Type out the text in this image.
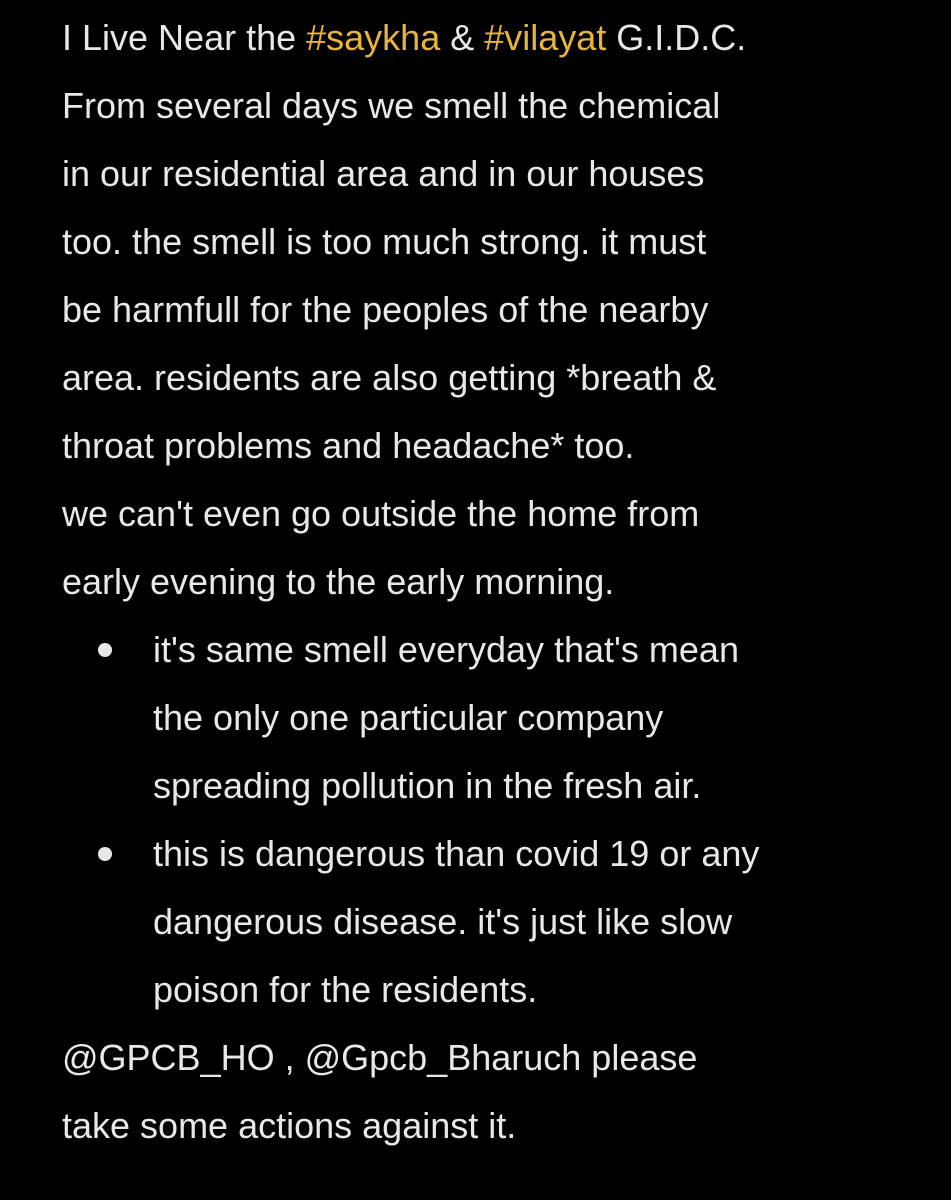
I Live Near the #saykha & #vilayat G.I.D.C.
From several days we smell the chemical
in our residential area and in our houses
too. the smell is too much strong. it must
be harmfull for the peoples of the nearby
area. residents are also getting *breath &
throat problems and headache* too.
we can't even go outside the home from
early evening to the early morning.
it's same smell everyday that's mean
the only one particular company
spreading pollution in the fresh air.
this is dangerous than covid 19 or any
dangerous disease. it's just like slow
poison for the residents.
@GPCB_HO , @Gpcb_Bharuch please
take some actions against it.
